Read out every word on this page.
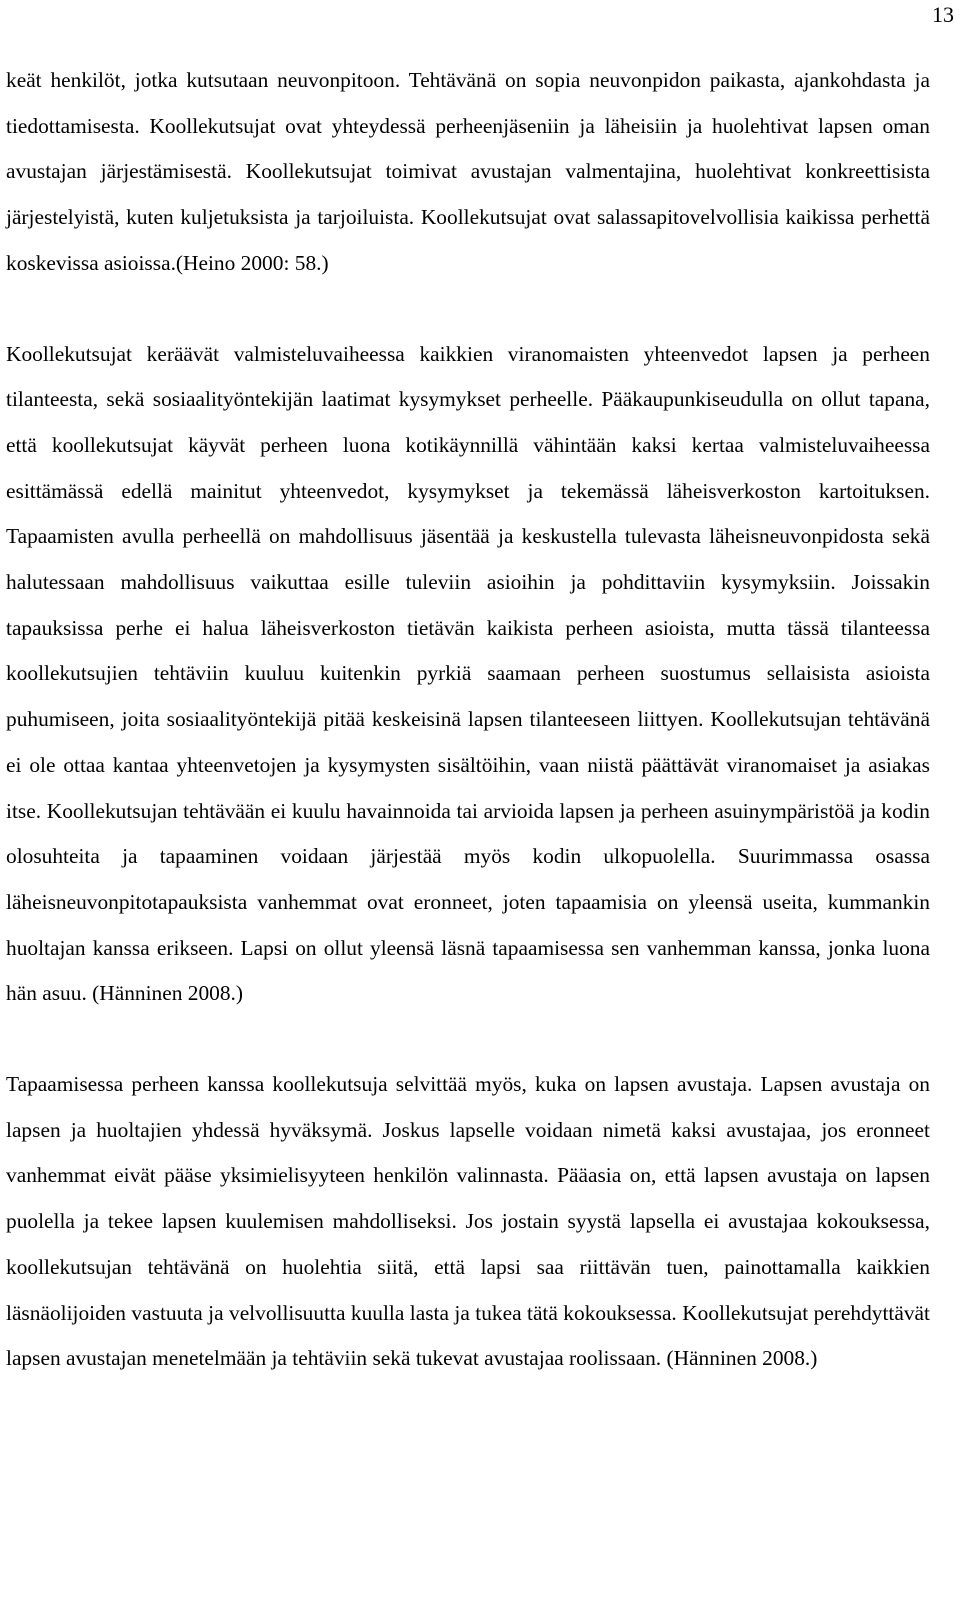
13

keät henkilöt, jotka kutsutaan neuvonpitoon. Tehtävänä on sopia neuvonpidon paikasta, ajankohdasta ja tiedottamisesta. Koollekutsujat ovat yhteydessä perheenjäseniin ja läheisiin ja huolehtivat lapsen oman avustajan järjestämisestä. Koollekutsujat toimivat avustajan valmentajina, huolehtivat konkreettisista järjestelyistä, kuten kuljetuksista ja tarjoiluista. Koollekutsujat ovat salassapitovelvollisia kaikissa perhettä koskevissa asioissa.(Heino 2000: 58.)

Koollekutsujat keräävät valmisteluvaiheessa kaikkien viranomaisten yhteenvedot lapsen ja perheen tilanteesta, sekä sosiaalityöntekijän laatimat kysymykset perheelle. Pääkaupunkiseudulla on ollut tapana, että koollekutsujat käyvät perheen luona kotikäynnillä vähintään kaksi kertaa valmisteluvaiheessa esittämässä edellä mainitut yhteenvedot, kysymykset ja tekemässä läheisverkoston kartoituksen. Tapaamisten avulla perheellä on mahdollisuus jäsentää ja keskustella tulevasta läheisneuvonpidosta sekä halutessaan mahdollisuus vaikuttaa esille tuleviin asioihin ja pohdittaviin kysymyksiin. Joissakin tapauksissa perhe ei halua läheisverkoston tietävän kaikista perheen asioista, mutta tässä tilanteessa koollekutsujien tehtäviin kuuluu kuitenkin pyrkiä saamaan perheen suostumus sellaisista asioista puhumiseen, joita sosiaalityöntekijä pitää keskeisinä lapsen tilanteeseen liittyen. Koollekutsujan tehtävänä ei ole ottaa kantaa yhteenvetojen ja kysymysten sisältöihin, vaan niistä päättävät viranomaiset ja asiakas itse. Koollekutsujan tehtävään ei kuulu havainnoida tai arvioida lapsen ja perheen asuinympäristöä ja kodin olosuhteita ja tapaaminen voidaan järjestää myös kodin ulkopuolella. Suurimmassa osassa läheisneuvonpitotapauksista vanhemmat ovat eronneet, joten tapaamisia on yleensä useita, kummankin huoltajan kanssa erikseen. Lapsi on ollut yleensä läsnä tapaamisessa sen vanhemman kanssa, jonka luona hän asuu. (Hänninen 2008.)

Tapaamisessa perheen kanssa koollekutsuja selvittää myös, kuka on lapsen avustaja. Lapsen avustaja on lapsen ja huoltajien yhdessä hyväksymä. Joskus lapselle voidaan nimetä kaksi avustajaa, jos eronneet vanhemmat eivät pääse yksimielisyyteen henkilön valinnasta. Pääasia on, että lapsen avustaja on lapsen puolella ja tekee lapsen kuulemisen mahdolliseksi. Jos jostain syystä lapsella ei avustajaa kokouksessa, koollekutsujan tehtävänä on huolehtia siitä, että lapsi saa riittävän tuen, painottamalla kaikkien läsnäolijoiden vastuuta ja velvollisuutta kuulla lasta ja tukea tätä kokouksessa. Koollekutsujat perehdyttävät lapsen avustajan menetelmään ja tehtäviin sekä tukevat avustajaa roolissaan. (Hänninen 2008.)
